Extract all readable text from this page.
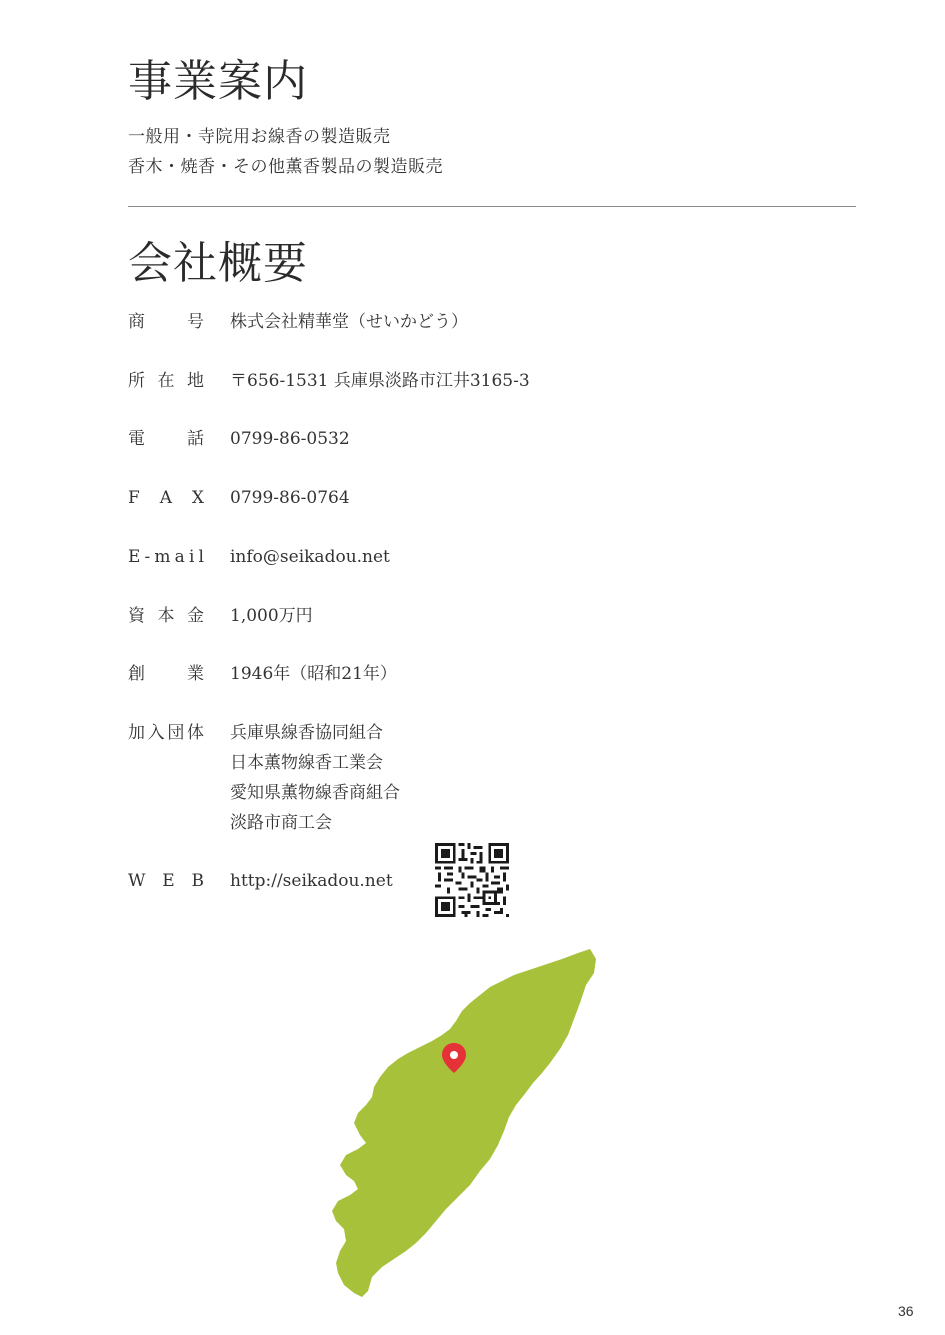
事業案内
一般用・寺院用お線香の製造販売
香木・焼香・その他薫香製品の製造販売
会社概要
商 号 株式会社精華堂（せいかどう）
所 在 地 〒656-1531 兵庫県淡路市江井3165-3
電 話 0799-86-0532
F A X 0799-86-0764
E - m a i l info@seikadou.net
資 本 金 1,000万円
創 業 1946年（昭和21年）
加 入 団 体 兵庫県線香協同組合
日本薫物線香工業会
愛知県薫物線香商組合
淡路市商工会
W E B http://seikadou.net
36
